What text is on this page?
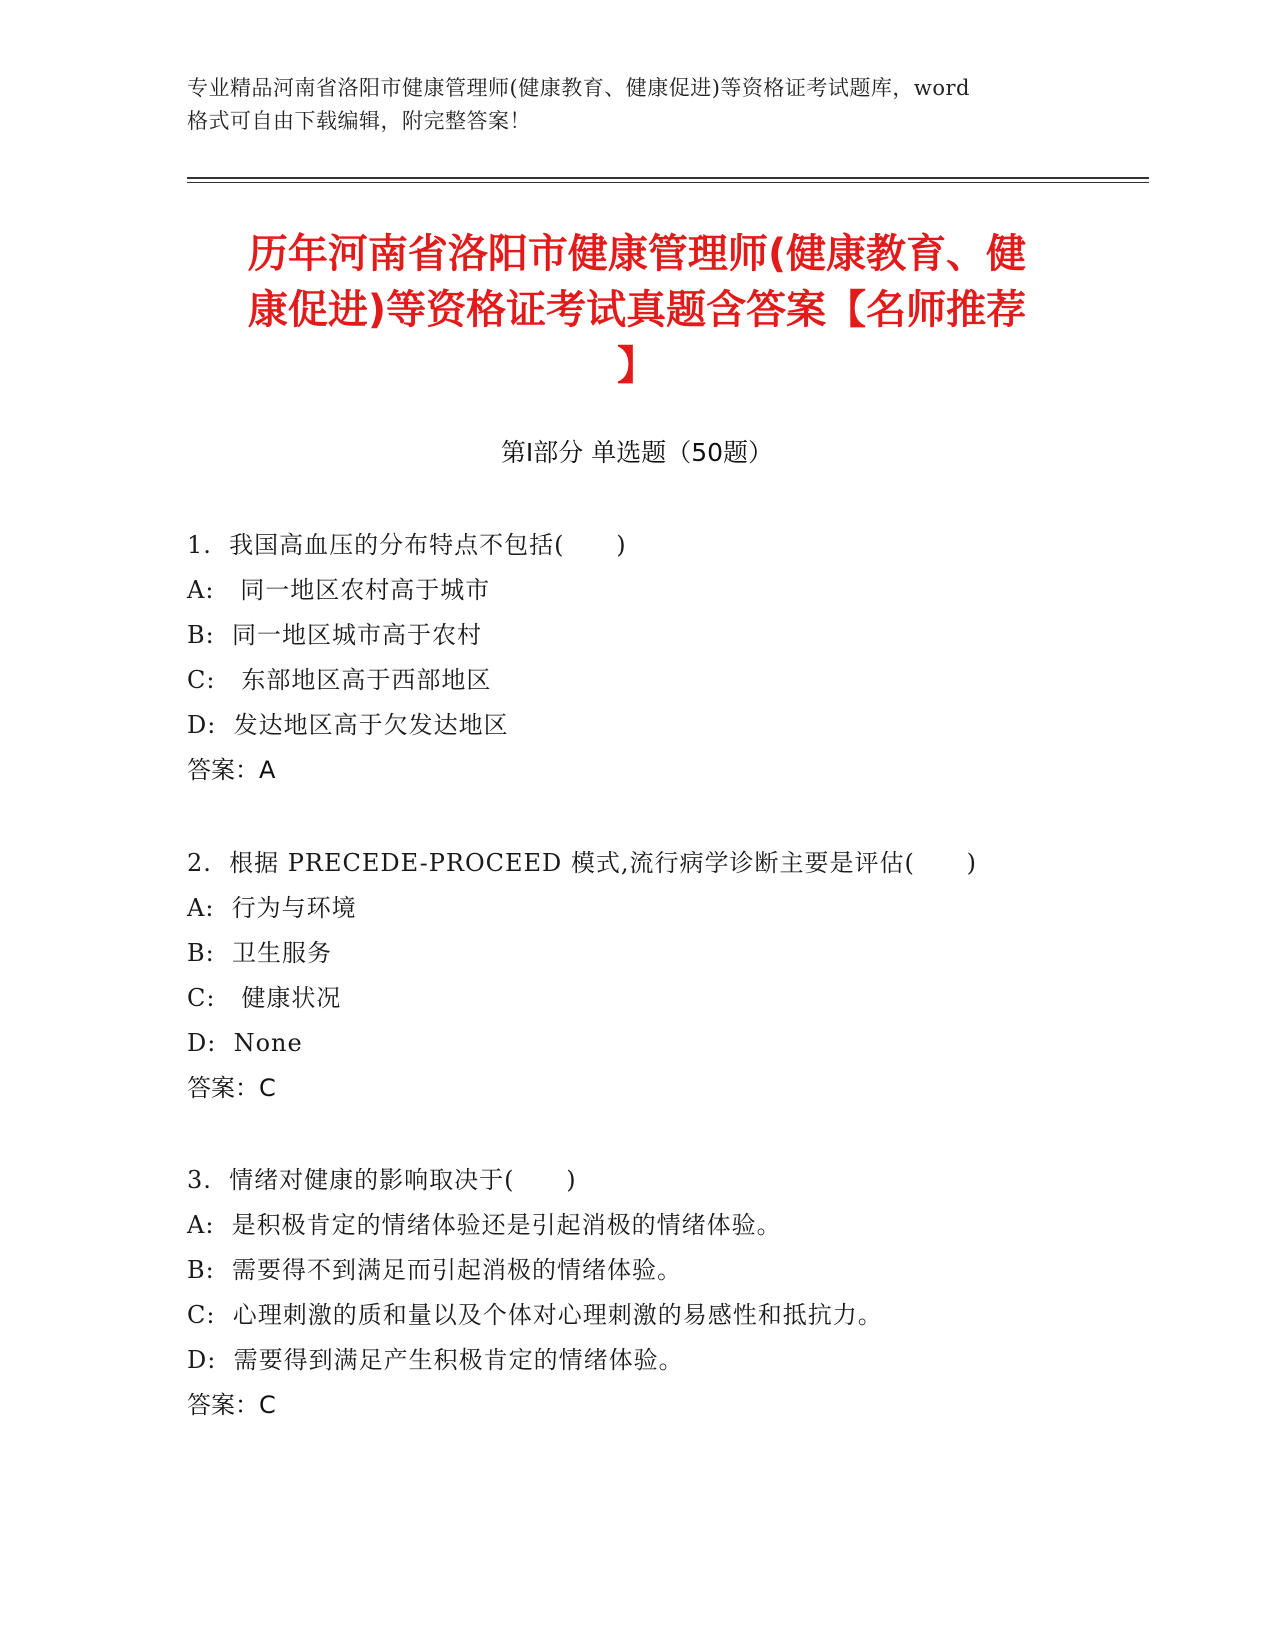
专业精品河南省洛阳市健康管理师(健康教育、健康促进)等资格证考试题库，word
格式可自由下载编辑，附完整答案！
历年河南省洛阳市健康管理师(健康教育、健
康促进)等资格证考试真题含答案【名师推荐
】
第Ⅰ部分 单选题（50题）
1.  我国高血压的分布特点不包括(      )
A:   同一地区农村高于城市
B:  同一地区城市高于农村
C:   东部地区高于西部地区
D:  发达地区高于欠发达地区
答案：A
2.  根据 PRECEDE-PROCEED 模式,流行病学诊断主要是评估(      )
A:  行为与环境
B:  卫生服务
C:   健康状况
D:  None
答案：C
3.  情绪对健康的影响取决于(      )
A:  是积极肯定的情绪体验还是引起消极的情绪体验。
B:  需要得不到满足而引起消极的情绪体验。
C:  心理刺激的质和量以及个体对心理刺激的易感性和抵抗力。
D:  需要得到满足产生积极肯定的情绪体验。
答案：C
